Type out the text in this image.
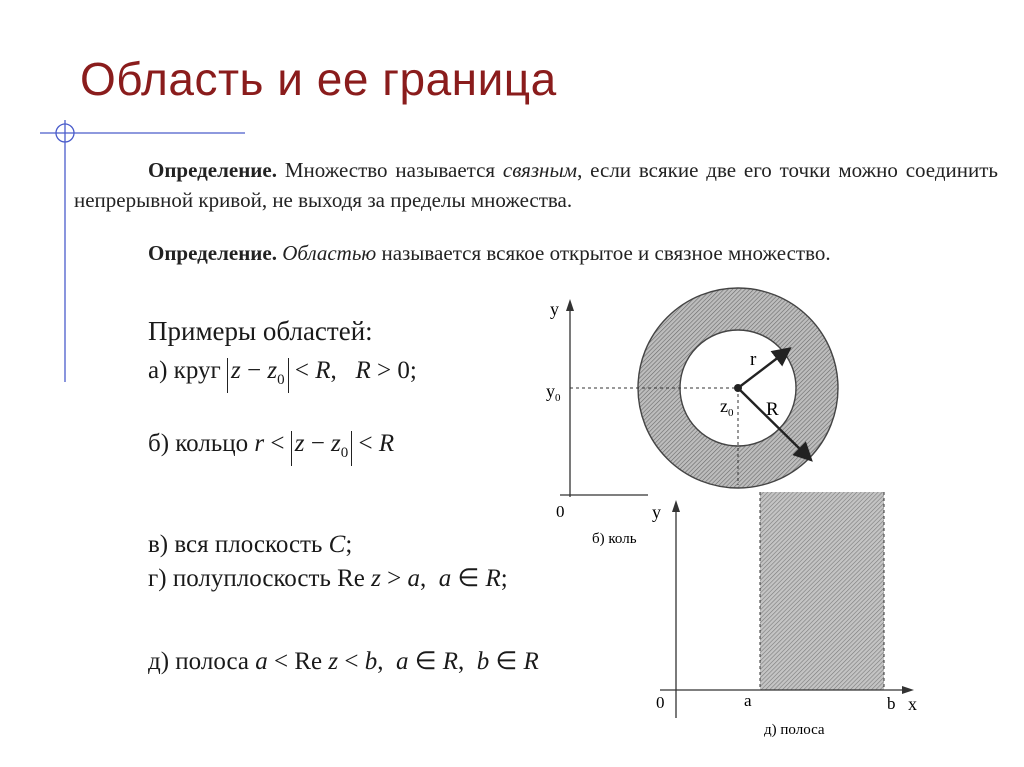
Область и ее граница
Определение. Множество называется связным, если всякие две его точки можно соединить непрерывной кривой, не выходя за пределы множества.
Определение. Областью называется всякое открытое и связное множество.
Примеры областей:
а) круг $z - z_0 < R$, R > 0;
б) кольцо $r < z - z_0 < R$
в) вся плоскость C;
г) полуплоскость Re z > a, a ∈ R;
д) полоса a < Re z < b, a ∈ R, b ∈ R
y
$y_0$	$z_0$
r
R
0
б) коль
y
0	a	b x
д) полоса
